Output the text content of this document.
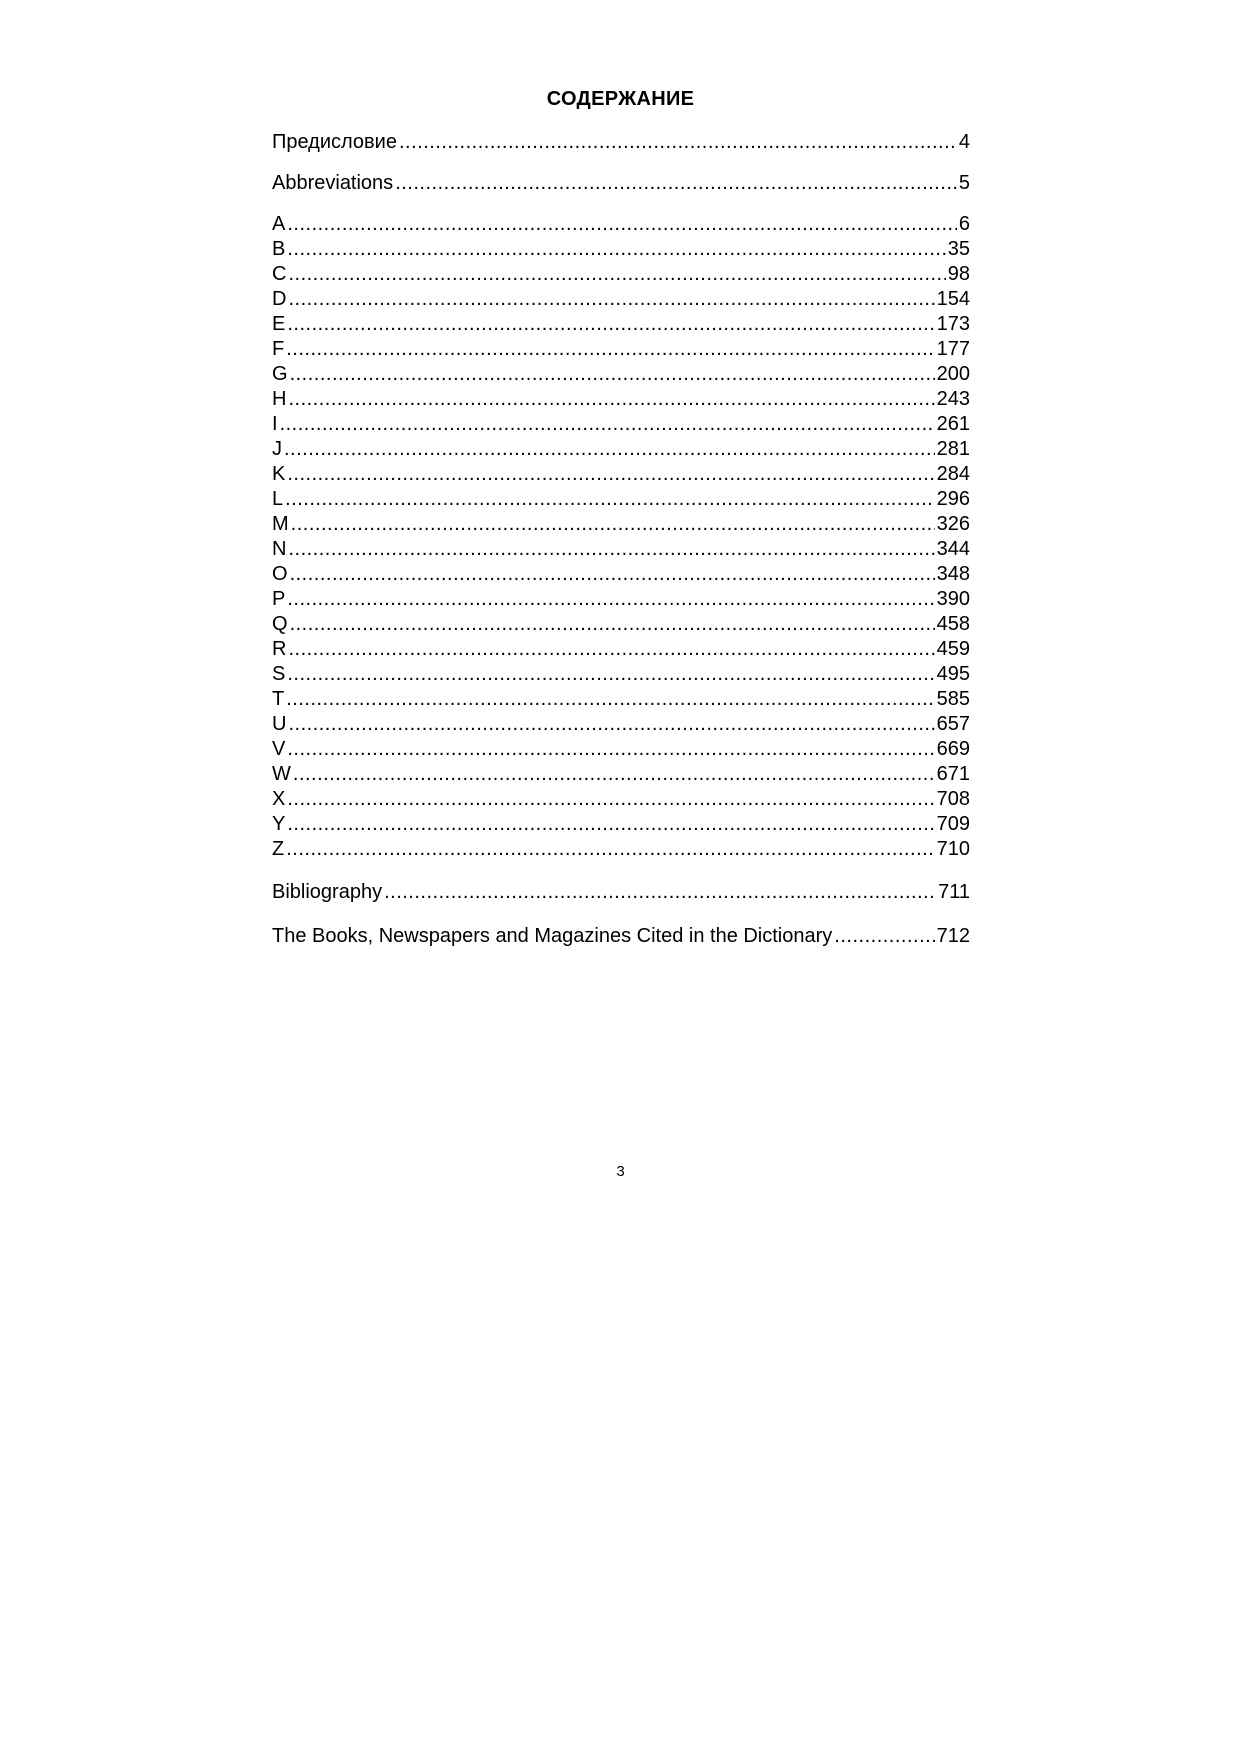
СОДЕРЖАНИЕ
Предисловие .....	4
Abbreviations .....	5
A .....	6
B .....	35
C .....	98
D .....	154
E .....	173
F .....	177
G .....	200
H .....	243
I .....	261
J .....	281
K .....	284
L .....	296
M .....	326
N .....	344
O .....	348
P .....	390
Q .....	458
R .....	459
S .....	495
T .....	585
U .....	657
V .....	669
W .....	671
X .....	708
Y .....	709
Z .....	710
Bibliography .....	711
The Books, Newspapers and Magazines Cited in the Dictionary .....	712
3
